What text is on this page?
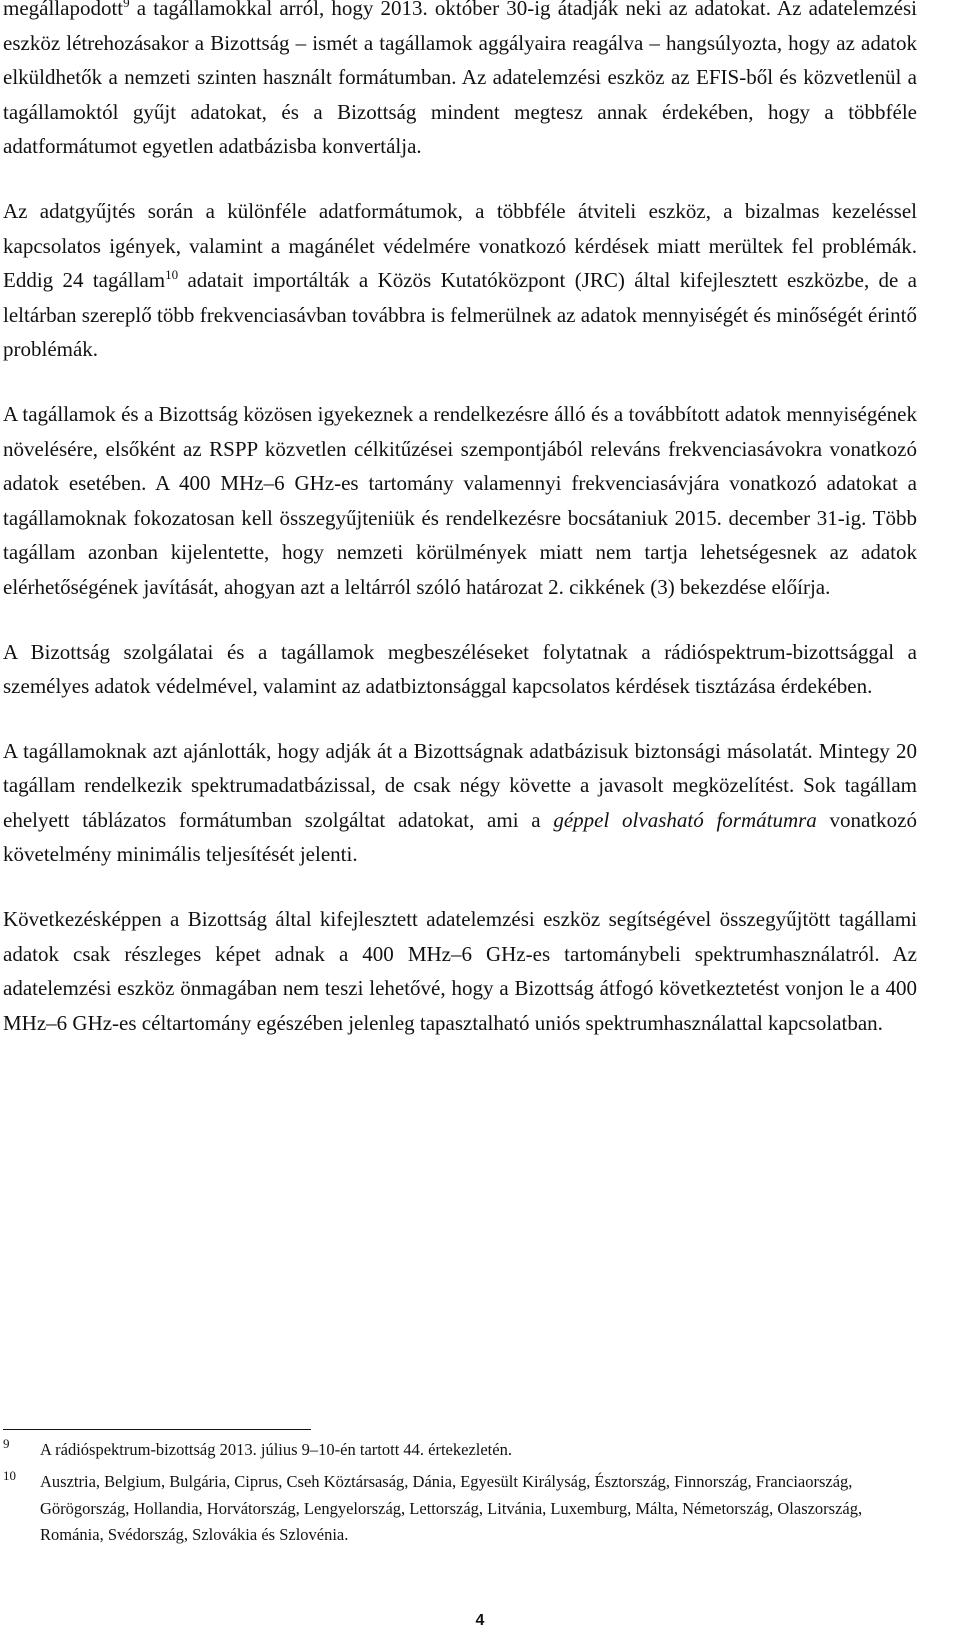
megállapodott$^9$ a tagállamokkal arról, hogy 2013. október 30-ig átadják neki az adatokat. Az adatelemzési eszköz létrehozásakor a Bizottság – ismét a tagállamok aggályaira reagálva – hangsúlyozta, hogy az adatok elküldhetők a nemzeti szinten használt formátumban. Az adatelemzési eszköz az EFIS-ből és közvetlenül a tagállamoktól gyűjt adatokat, és a Bizottság mindent megtesz annak érdekében, hogy a többféle adatformátumot egyetlen adatbázisba konvertálja.

Az adatgyűjtés során a különféle adatformátumok, a többféle átviteli eszköz, a bizalmas kezeléssel kapcsolatos igények, valamint a magánélet védelmére vonatkozó kérdések miatt merültek fel problémák. Eddig 24 tagállam$^{10}$ adatait importálták a Közös Kutatóközpont (JRC) által kifejlesztett eszközbe, de a leltárban szereplő több frekvenciasávban továbbra is felmerülnek az adatok mennyiségét és minőségét érintő problémák.

A tagállamok és a Bizottság közösen igyekeznek a rendelkezésre álló és a továbbított adatok mennyiségének növelésére, elsőként az RSPP közvetlen célkitűzései szempontjából releváns frekvenciasávokra vonatkozó adatok esetében. A 400 MHz–6 GHz-es tartomány valamennyi frekvenciasávjára vonatkozó adatokat a tagállamoknak fokozatosan kell összegyűjteniük és rendelkezésre bocsátaniuk 2015. december 31-ig. Több tagállam azonban kijelentette, hogy nemzeti körülmények miatt nem tartja lehetségesnek az adatok elérhetőségének javítását, ahogyan azt a leltárról szóló határozat 2. cikkének (3) bekezdése előírja.

A Bizottság szolgálatai és a tagállamok megbeszéléseket folytatnak a rádióspektrum-bizottsággal a személyes adatok védelmével, valamint az adatbiztonsággal kapcsolatos kérdések tisztázása érdekében.

A tagállamoknak azt ajánlották, hogy adják át a Bizottságnak adatbázisuk biztonsági másolatát. Mintegy 20 tagállam rendelkezik spektrumadatbázissal, de csak négy követte a javasolt megközelítést. Sok tagállam ehelyett táblázatos formátumban szolgáltat adatokat, ami a géppel olvasható formátumra vonatkozó követelmény minimális teljesítését jelenti.

Következésképpen a Bizottság által kifejlesztett adatelemzési eszköz segítségével összegyűjtött tagállami adatok csak részleges képet adnak a 400 MHz–6 GHz-es tartománybeli spektrumhasználatról. Az adatelemzési eszköz önmagában nem teszi lehetővé, hogy a Bizottság átfogó következtetést vonjon le a 400 MHz–6 GHz-es céltartomány egészében jelenleg tapasztalható uniós spektrumhasználattal kapcsolatban.

9 A rádióspektrum-bizottság 2013. július 9–10-én tartott 44. értekezletén.
10 Ausztria, Belgium, Bulgária, Ciprus, Cseh Köztársaság, Dánia, Egyesült Királyság, Észtország, Finnország, Franciaország, Görögország, Hollandia, Horvátország, Lengyelország, Lettország, Litvánia, Luxemburg, Málta, Németország, Olaszország, Románia, Svédország, Szlovákia és Szlovénia.
4
